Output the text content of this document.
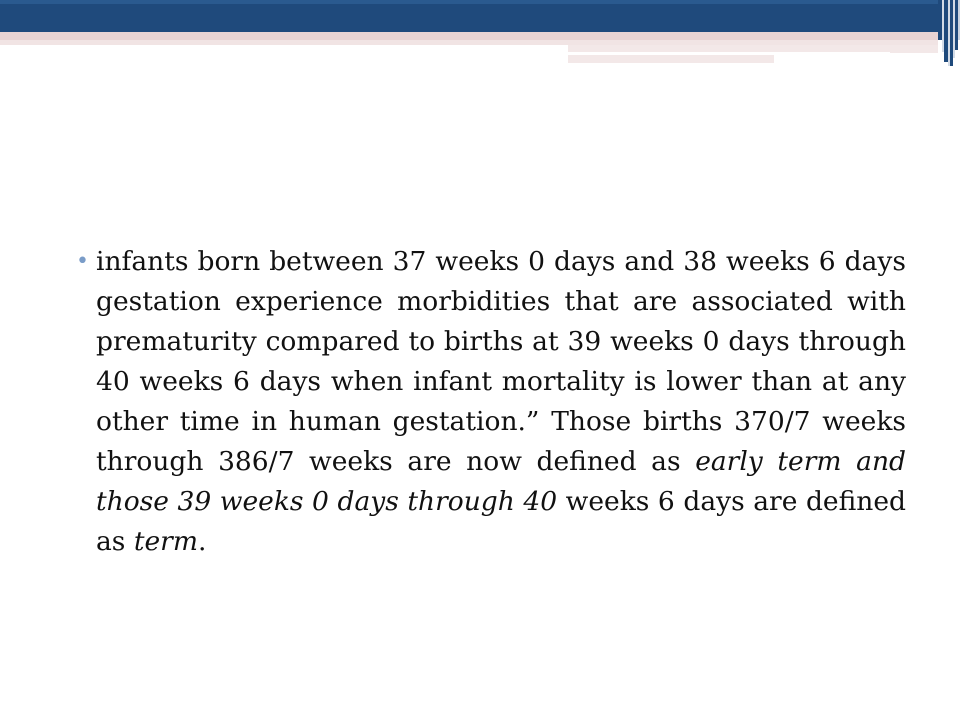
• infants born between 37 weeks 0 days and 38 weeks 6 days gestation experience morbidities that are associated with prematurity compared to births at 39 weeks 0 days through 40 weeks 6 days when infant mortality is lower than at any other time in human gestation.” Those births 370/7 weeks through 386/7 weeks are now defined as early term and those 39 weeks 0 days through 40 weeks 6 days are defined as term.
